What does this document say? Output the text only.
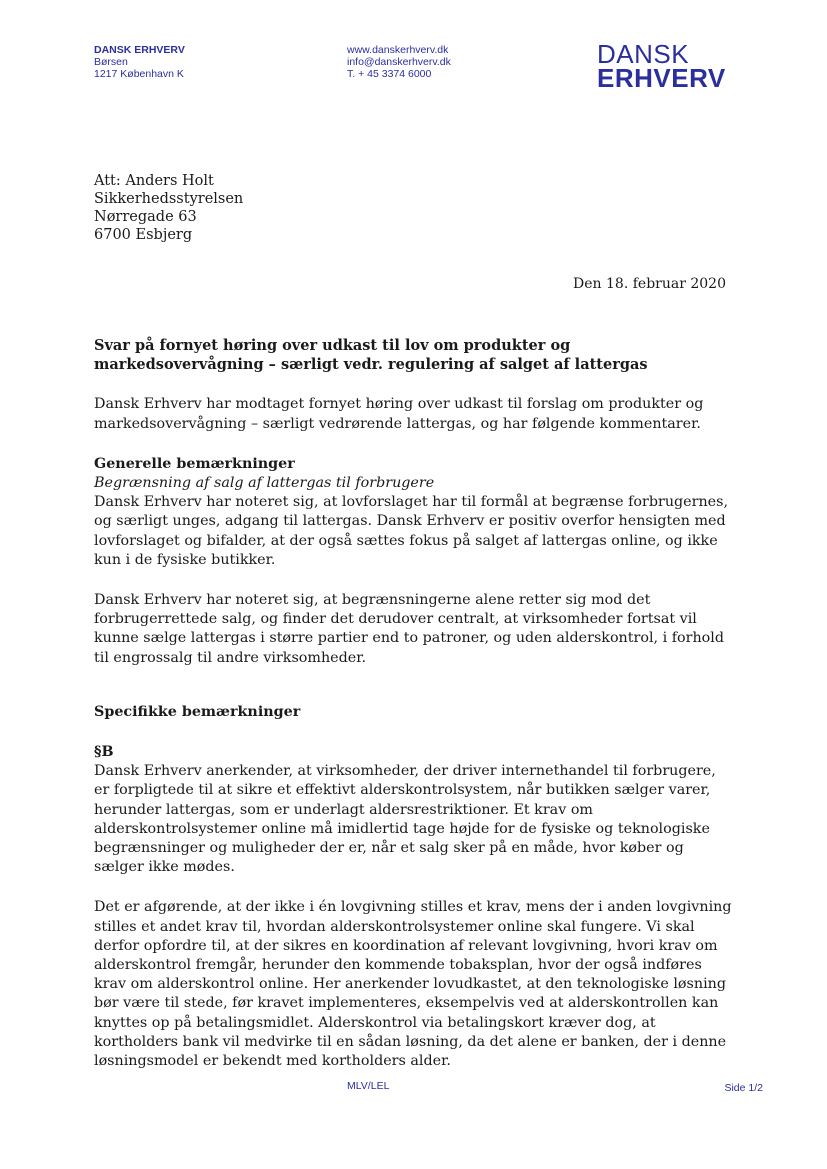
DANSK ERHVERV
Børsen
1217 København K
www.danskerhverv.dk
info@danskerhverv.dk
T. + 45 3374 6000
DANSK
ERHVERV
Att: Anders Holt
Sikkerhedsstyrelsen
Nørregade 63
6700 Esbjerg
Den 18. februar 2020

Svar på fornyet høring over udkast til lov om produkter og markedsovervågning – særligt vedr. regulering af salget af lattergas

Dansk Erhverv har modtaget fornyet høring over udkast til forslag om produkter og markedsovervågning – særligt vedrørende lattergas, og har følgende kommentarer.

Generelle bemærkninger

Begrænsning af salg af lattergas til forbrugere

Dansk Erhverv har noteret sig, at lovforslaget har til formål at begrænse forbrugernes, og særligt unges, adgang til lattergas. Dansk Erhverv er positiv overfor hensigten med lovforslaget og bifalder, at der også sættes fokus på salget af lattergas online, og ikke kun i de fysiske butikker.

Dansk Erhverv har noteret sig, at begrænsningerne alene retter sig mod det forbrugerrettede salg, og finder det derudover centralt, at virksomheder fortsat vil kunne sælge lattergas i større partier end to patroner, og uden alderskontrol, i forhold til engrossalg til andre virksomheder.

Specifikke bemærkninger

§B

Dansk Erhverv anerkender, at virksomheder, der driver internethandel til forbrugere, er forpligtede til at sikre et effektivt alderskontrolsystem, når butikken sælger varer, herunder lattergas, som er underlagt aldersrestriktioner. Et krav om alderskontrolsystemer online må imidlertid tage højde for de fysiske og teknologiske begrænsninger og muligheder der er, når et salg sker på en måde, hvor køber og sælger ikke mødes.

Det er afgørende, at der ikke i én lovgivning stilles et krav, mens der i anden lovgivning stilles et andet krav til, hvordan alderskontrolsystemer online skal fungere. Vi skal derfor opfordre til, at der sikres en koordination af relevant lovgivning, hvori krav om alderskontrol fremgår, herunder den kommende tobaksplan, hvor der også indføres krav om alderskontrol online. Her anerkender lovudkastet, at den teknologiske løsning bør være til stede, før kravet implementeres, eksempelvis ved at alderskontrollen kan knyttes op på betalingsmidlet. Alderskontrol via betalingskort kræver dog, at kortholders bank vil medvirke til en sådan løsning, da det alene er banken, der i denne løsningsmodel er bekendt med kortholders alder.

MLV/LEL	Side 1/2
